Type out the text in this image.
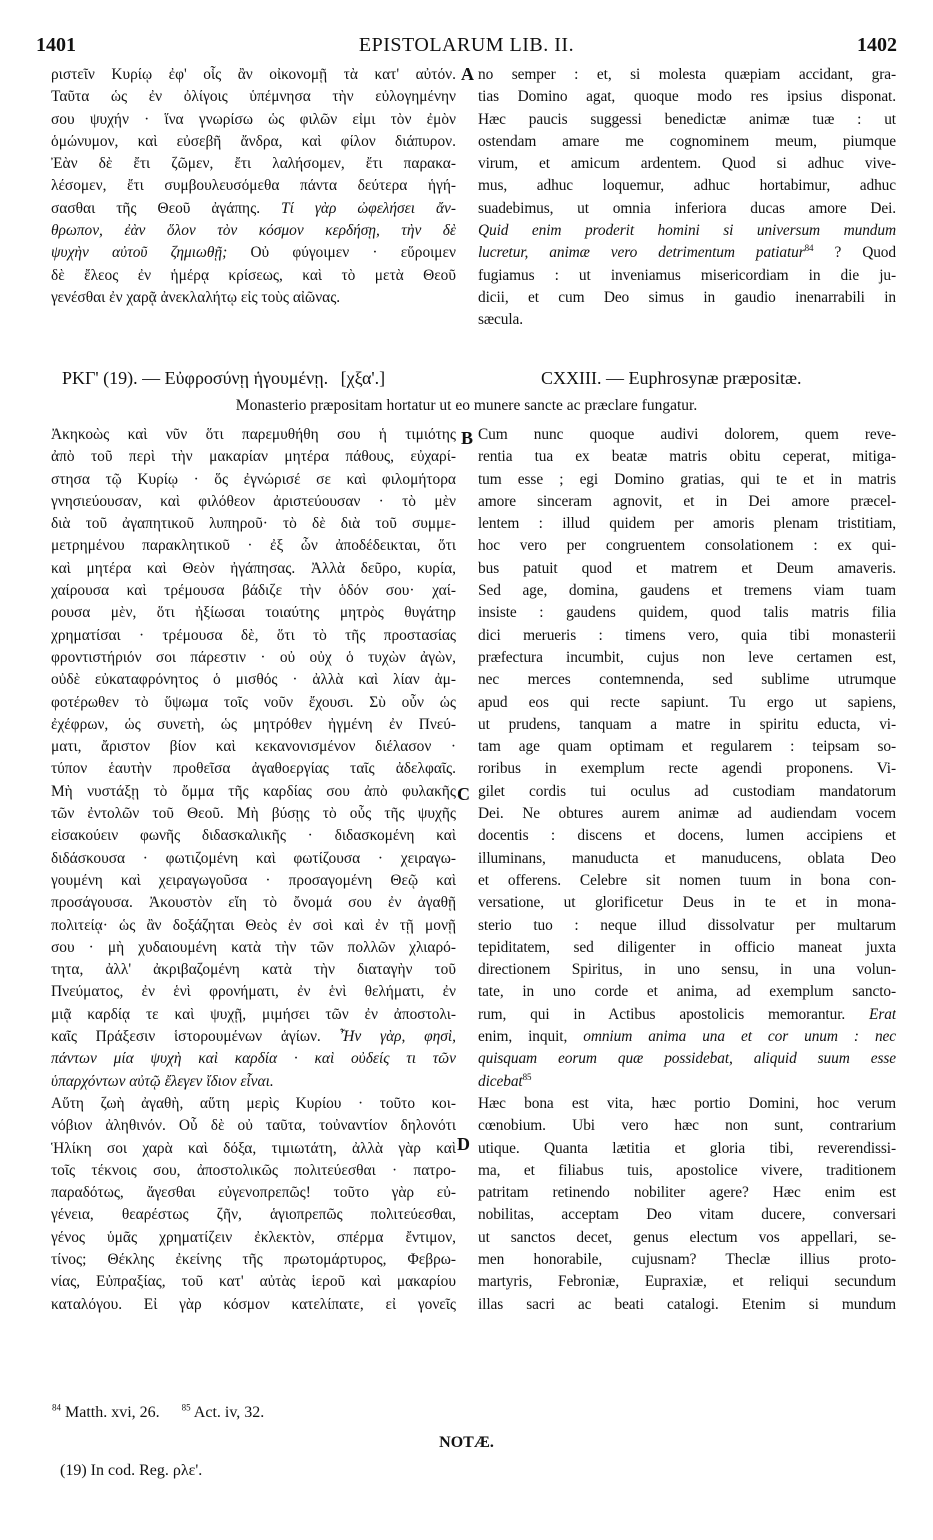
1401	EPISTOLARUM LIB. II.	1402
ριστεῖν Κυρίῳ ἐφ' οἷς ἂν οἰκονομῇ τὰ κατ' αὐτόν.
Ταῦτα ὡς ἐν ὀλίγοις ὑπέμνησα τὴν εὐλογημένην
σου ψυχήν · ἵνα γνωρίσω ὡς φιλῶν εἰμι τὸν ἐμὸν
ὁμώνυμον, καὶ εὐσεβῆ ἄνδρα, καὶ φίλον διάπυρον.
Ἐὰν δὲ ἔτι ζῶμεν, ἔτι λαλήσομεν, ἔτι παρακα-
λέσομεν, ἔτι συμβουλευσόμεθα πάντα δεύτερα ἡγή-
σασθαι τῆς Θεοῦ ἀγάπης. Τί γὰρ ὠφελήσει ἄν-
θρωπον, ἐὰν ὅλον τὸν κόσμον κερδήσῃ, τὴν δὲ
ψυχὴν αὐτοῦ ζημιωθῇ; Οὐ φύγοιμεν · εὕροιμεν
δὲ ἔλεος ἐν ἡμέρᾳ κρίσεως, καὶ τὸ μετὰ Θεοῦ
γενέσθαι ἐν χαρᾷ ἀνεκλαλήτῳ εἰς τοὺς αἰῶνας.
A no semper : et, si molesta quæpiam accidant, gra-
tias Domino agat, quoque modo res ipsius disponat.
Hæc paucis suggessi benedictæ animæ tuæ : ut
ostendam amare me cognominem meum, piumque
virum, et amicum ardentem. Quod si adhuc vive-
mus, adhuc loquemur, adhuc hortabimur, adhuc
suadebimus, ut omnia inferiora ducas amore Dei.
Quid enim proderit homini si universum mundum
lucretur, animæ vero detrimentum patiatur$^{84}$ ? Quod
fugiamus : ut inveniamus misericordiam in die ju-
dicii, et cum Deo simus in gaudio inenarrabili in
sæcula.
ΡΚΓ' (19). — Εὐφροσύνῃ ἡγουμένῃ. [χξα'.]	CXXIII. — Euphrosynæ præpositæ.
Monasterio præpositam hortatur ut eo munere sancte ac præclare fungatur.
Ἀκηκοὼς καὶ νῦν ὅτι παρεμυθήθη σου ἡ τιμιότης
ἀπὸ τοῦ περὶ τὴν μακαρίαν μητέρα πάθους, εὐχαρί-
στησα τῷ Κυρίῳ · ὅς ἐγνώρισέ σε καὶ φιλομήτορα
γνησιεύουσαν, καὶ φιλόθεον ἀριστεύουσαν · τὸ μὲν
διὰ τοῦ ἀγαπητικοῦ λυπηροῦ· τὸ δὲ διὰ τοῦ συμμε-
μετρημένου παρακλητικοῦ · ἐξ ὧν ἀποδέδεικται, ὅτι
καὶ μητέρα καὶ Θεὸν ἠγάπησας. Ἀλλὰ δεῦρο, κυρία,
χαίρουσα καὶ τρέμουσα βάδιζε τὴν ὁδόν σου· χαί-
ρουσα μὲν, ὅτι ἠξίωσαι τοιαύτης μητρὸς θυγάτηρ
χρηματίσαι · τρέμουσα δὲ, ὅτι τὸ τῆς προστασίας
φροντιστήριόν σοι πάρεστιν · οὐ οὐχ ὁ τυχὼν ἀγὼν,
οὐδὲ εὐκαταφρόνητος ὁ μισθός · ἀλλὰ καὶ λίαν ἀμ-
φοτέρωθεν τὸ ὕψωμα τοῖς νοῦν ἔχουσι. Σὺ οὖν ὡς
ἐχέφρων, ὡς συνετὴ, ὡς μητρόθεν ἠγμένη ἐν Πνεύ-
ματι, ἄριστον βίον καὶ κεκανονισμένον διέλασον ·
τύπον ἑαυτὴν προθεῖσα ἀγαθοεργίας ταῖς ἀδελφαῖς.
Μὴ νυστάξῃ τὸ ὄμμα τῆς καρδίας σου ἀπὸ φυλακῆς
τῶν ἐντολῶν τοῦ Θεοῦ. Μὴ βύσῃς τὸ οὖς τῆς ψυχῆς
εἰσακούειν φωνῆς διδασκαλικῆς · διδασκομένη καὶ
διδάσκουσα · φωτιζομένη καὶ φωτίζουσα · χειραγω-
γουμένη καὶ χειραγωγοῦσα · προσαγομένη Θεῷ καὶ
προσάγουσα. Ἀκουστὸν εἴη τὸ ὄνομά σου ἐν ἀγαθῇ
πολιτείᾳ· ὡς ἂν δοξάζηται Θεὸς ἐν σοὶ καὶ ἐν τῇ μονῇ
σου · μὴ χυδαιουμένη κατὰ τὴν τῶν πολλῶν χλιαρό-
τητα, ἀλλ' ἀκριβαζομένη κατὰ τὴν διαταγὴν τοῦ
Πνεύματος, ἐν ἑνὶ φρονήματι, ἐν ἑνὶ θελήματι, ἐν
μιᾷ καρδίᾳ τε καὶ ψυχῇ, μιμήσει τῶν ἐν ἀποστολι-
καῖς Πράξεσιν ἱστορουμένων ἁγίων. Ἦν γὰρ, φησὶ,
πάντων μία ψυχὴ καὶ καρδία · καὶ οὐδείς τι τῶν
ὑπαρχόντων αὐτῷ ἔλεγεν ἴδιον εἶναι.
Αὕτη ζωὴ ἀγαθὴ, αὕτη μερὶς Κυρίου · τοῦτο κοι-
νόβιον ἀληθινόν. Οὗ δὲ οὐ ταῦτα, τοὐναντίον δηλονότι
Ἡλίκη σοι χαρὰ καὶ δόξα, τιμιωτάτη, ἀλλὰ γὰρ καὶ
τοῖς τέκνοις σου, ἀποστολικῶς πολιτεύεσθαι · πατρο-
παραδότως, ἄγεσθαι εὐγενοπρεπῶς! τοῦτο γὰρ εὐ-
γένεια, θεαρέστως ζῆν, ἁγιοπρεπῶς πολιτεύεσθαι,
γένος ὑμᾶς χρηματίζειν ἐκλεκτὸν, σπέρμα ἔντιμον,
τίνος; Θέκλης ἐκείνης τῆς πρωτομάρτυρος, Φεβρω-
νίας, Εὐπραξίας, τοῦ κατ' αὐτὰς ἱεροῦ καὶ μακαρίου
καταλόγου. Εἰ γὰρ κόσμον κατελίπατε, εἰ γονεῖς
B
C
D
Cum nunc quoque audivi dolorem, quem reve-
rentia tua ex beatæ matris obitu ceperat, mitiga-
tum esse ; egi Domino gratias, qui te et in matris
amore sinceram agnovit, et in Dei amore præcel-
lentem : illud quidem per amoris plenam tristitiam,
hoc vero per congruentem consolationem : ex qui-
bus patuit quod et matrem et Deum amaveris.
Sed age, domina, gaudens et tremens viam tuam
insiste : gaudens quidem, quod talis matris filia
dici merueris : timens vero, quia tibi monasterii
præfectura incumbit, cujus non leve certamen est,
nec merces contemnenda, sed sublime utrumque
apud eos qui recte sapiunt. Tu ergo ut sapiens,
ut prudens, tanquam a matre in spiritu educta, vi-
tam age quam optimam et regularem : teipsam so-
roribus in exemplum recte agendi proponens. Vi-
gilet cordis tui oculus ad custodiam mandatorum
Dei. Ne obtures aurem animæ ad audiendam vocem
docentis : discens et docens, lumen accipiens et
illuminans, manuducta et manuducens, oblata Deo
et offerens. Celebre sit nomen tuum in bona con-
versatione, ut glorificetur Deus in te et in mona-
sterio tuo : neque illud dissolvatur per multarum
tepiditatem, sed diligenter in officio maneat juxta
directionem Spiritus, in uno sensu, in una volun-
tate, in uno corde et anima, ad exemplum sancto-
rum, qui in Actibus apostolicis memorantur. Erat
enim, inquit, omnium anima una et cor unum : nec
quisquam eorum quæ possidebat, aliquid suum esse
dicebat$^{85}$
Hæc bona est vita, hæc portio Domini, hoc verum
cœnobium. Ubi vero hæc non sunt, contrarium
utique. Quanta lætitia et gloria tibi, reverendissi-
ma, et filiabus tuis, apostolice vivere, traditionem
patritam retinendo nobiliter agere? Hæc enim est
nobilitas, acceptam Deo vitam ducere, conversari
ut sanctos decet, genus electum vos appellari, se-
men honorabile, cujusnam? Theclæ illius proto-
martyris, Febroniæ, Eupraxiæ, et reliqui secundum
illas sacri ac beati catalogi. Etenim si mundum
$^{84}$ Matth. xvi, 26. $^{85}$ Act. iv, 32.
NOTÆ.
(19) In cod. Reg. ρλε'.
